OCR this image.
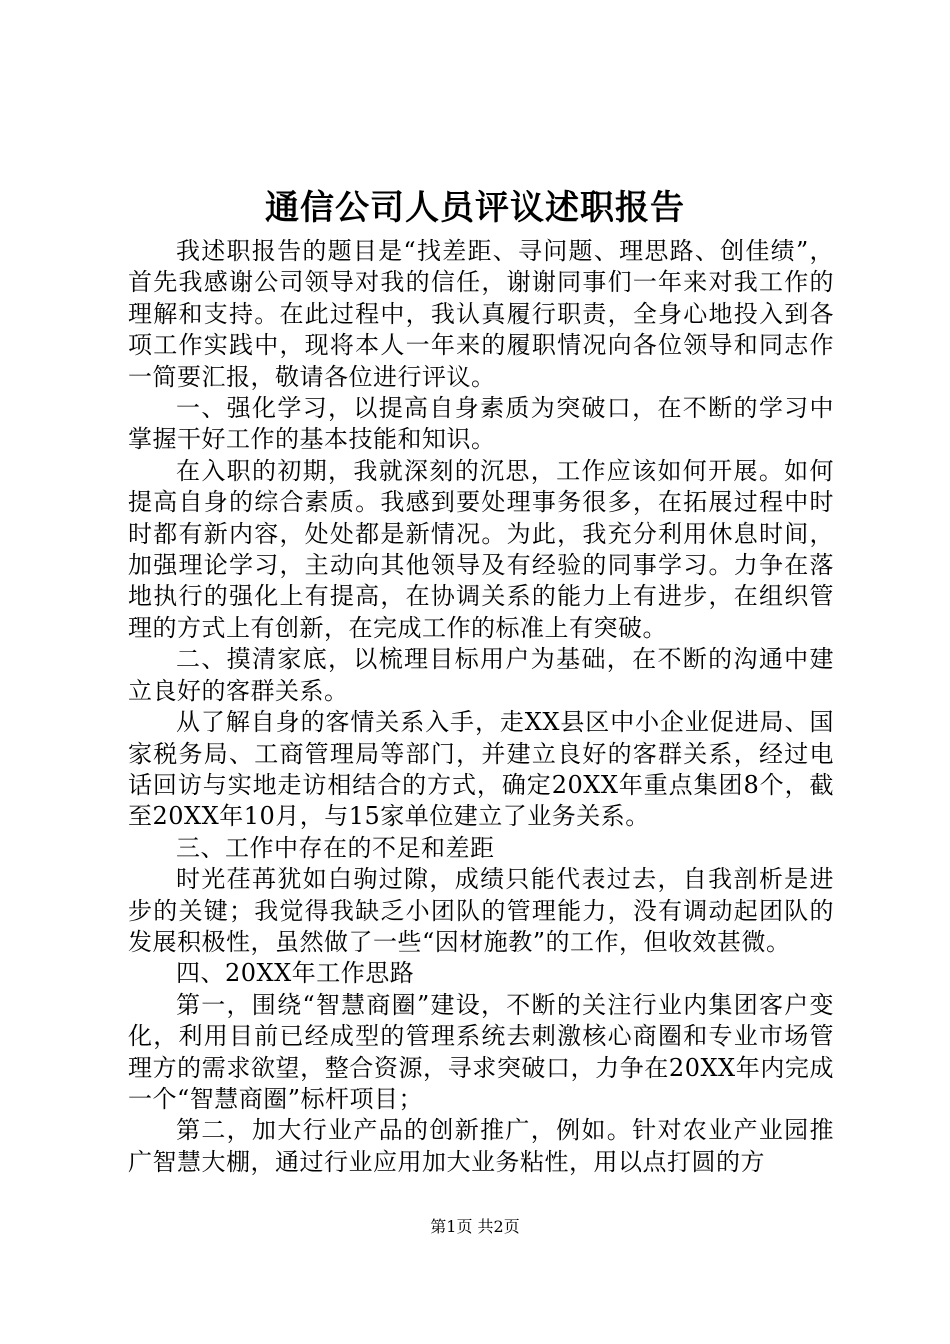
通信公司人员评议述职报告

我述职报告的题目是“找差距、寻问题、理思路、创佳绩”，首先我感谢公司领导对我的信任，谢谢同事们一年来对我工作的理解和支持。在此过程中，我认真履行职责，全身心地投入到各项工作实践中，现将本人一年来的履职情况向各位领导和同志作一简要汇报，敬请各位进行评议。

一、强化学习，以提高自身素质为突破口，在不断的学习中掌握干好工作的基本技能和知识。

在入职的初期，我就深刻的沉思，工作应该如何开展。如何提高自身的综合素质。我感到要处理事务很多，在拓展过程中时时都有新内容，处处都是新情况。为此，我充分利用休息时间，加强理论学习，主动向其他领导及有经验的同事学习。力争在落地执行的强化上有提高，在协调关系的能力上有进步，在组织管理的方式上有创新，在完成工作的标准上有突破。

二、摸清家底，以梳理目标用户为基础，在不断的沟通中建立良好的客群关系。

从了解自身的客情关系入手，走XX县区中小企业促进局、国家税务局、工商管理局等部门，并建立良好的客群关系，经过电话回访与实地走访相结合的方式，确定20XX年重点集团8个，截至20XX年10月，与15家单位建立了业务关系。

三、工作中存在的不足和差距

时光荏苒犹如白驹过隙，成绩只能代表过去，自我剖析是进步的关键；我觉得我缺乏小团队的管理能力，没有调动起团队的发展积极性，虽然做了一些“因材施教”的工作，但收效甚微。

四、20XX年工作思路

第一，围绕“智慧商圈”建设，不断的关注行业内集团客户变化，利用目前已经成型的管理系统去刺激核心商圈和专业市场管理方的需求欲望，整合资源，寻求突破口，力争在20XX年内完成一个“智慧商圈”标杆项目；

第二，加大行业产品的创新推广，例如。针对农业产业园推广智慧大棚，通过行业应用加大业务粘性，用以点打圆的方

第1页 共2页
